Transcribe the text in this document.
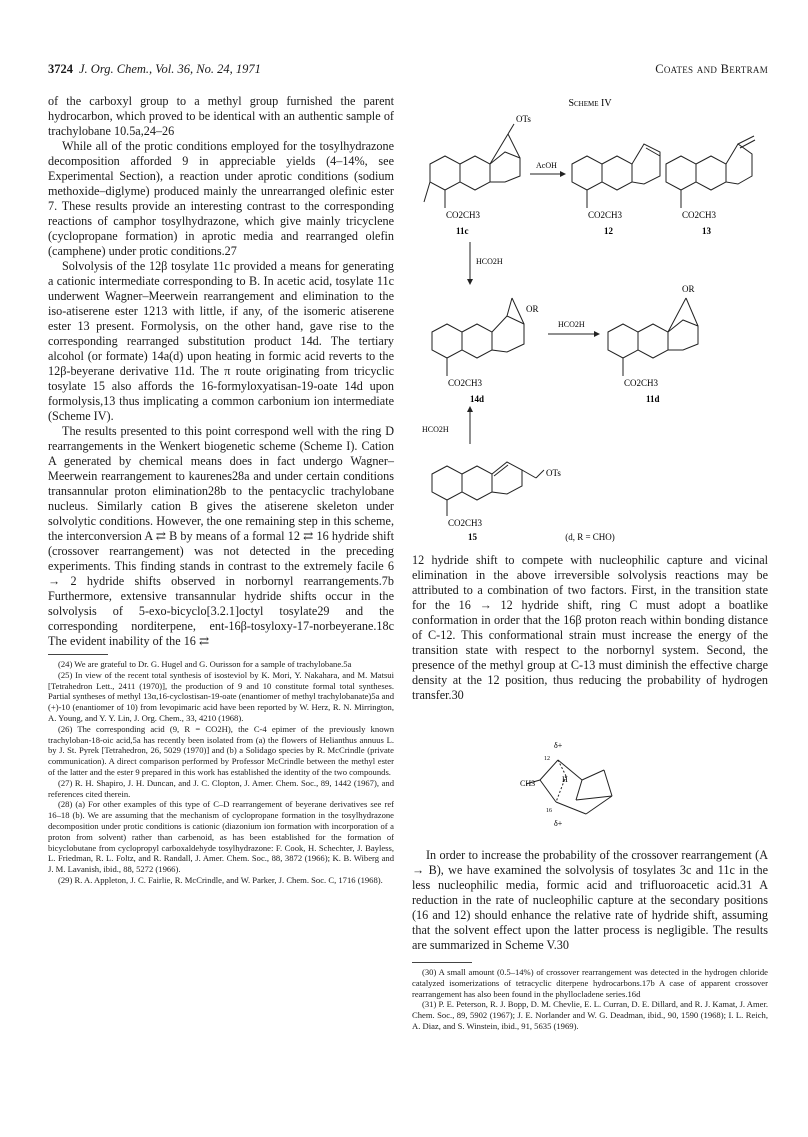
3724 J. Org. Chem., Vol. 36, No. 24, 1971	Coates and Bertram

of the carboxyl group to a methyl group furnished the parent hydrocarbon, which proved to be identical with an authentic sample of trachylobane 10.5a,24–26

While all of the protic conditions employed for the tosylhydrazone decomposition afforded 9 in appreciable yields (4–14%, see Experimental Section), a reaction under aprotic conditions (sodium methoxide–diglyme) produced mainly the unrearranged olefinic ester 7. These results provide an interesting contrast to the corresponding reactions of camphor tosylhydrazone, which give mainly tricyclene (cyclopropane formation) in aprotic media and rearranged olefin (camphene) under protic conditions.27

Solvolysis of the 12β tosylate 11c provided a means for generating a cationic intermediate corresponding to B. In acetic acid, tosylate 11c underwent Wagner–Meerwein rearrangement and elimination to the iso-atiserene ester 1213 with little, if any, of the isomeric atiserene ester 13 present. Formolysis, on the other hand, gave rise to the corresponding rearranged substitution product 14d. The tertiary alcohol (or formate) 14a(d) upon heating in formic acid reverts to the 12β-beyerane derivative 11d. The π route originating from tricyclic tosylate 15 also affords the 16-formyloxyatisan-19-oate 14d upon formolysis,13 thus implicating a common carbonium ion intermediate (Scheme IV).

The results presented to this point correspond well with the ring D rearrangements in the Wenkert biogenetic scheme (Scheme I). Cation A generated by chemical means does in fact undergo Wagner–Meerwein rearrangement to kaurenes28a and under certain conditions transannular proton elimination28b to the pentacyclic trachylobane nucleus. Similarly cation B gives the atiserene skeleton under solvolytic conditions. However, the one remaining step in this scheme, the interconversion A ⇄ B by means of a formal 12 ⇄ 16 hydride shift (crossover rearrangement) was not detected in the preceding experiments. This finding stands in contrast to the extremely facile 6 → 2 hydride shifts observed in norbornyl rearrangements.7b Furthermore, extensive transannular hydride shifts occur in the solvolysis of 5-exo-bicyclo[3.2.1]octyl tosylate29 and the corresponding norditerpene, ent-16β-tosyloxy-17-norbeyerane.18c The evident inability of the 16 ⇄

(24) We are grateful to Dr. G. Hugel and G. Ourisson for a sample of trachylobane.5a

(25) In view of the recent total synthesis of isosteviol by K. Mori, Y. Nakahara, and M. Matsui [Tetrahedron Lett., 2411 (1970)], the production of 9 and 10 constitute formal total syntheses. Partial syntheses of methyl 13α,16-cyclostisan-19-oate (enantiomer of methyl trachylobanate)5a and (+)-10 (enantiomer of 10) from levopimaric acid have been reported by W. Herz, R. N. Mirrington, A. Young, and Y. Y. Lin, J. Org. Chem., 33, 4210 (1968).

(26) The corresponding acid (9, R = CO2H), the C-4 epimer of the previously known trachyloban-18-oic acid,5a has recently been isolated from (a) the flowers of Helianthus annuus L. by J. St. Pyrek [Tetrahedron, 26, 5029 (1970)] and (b) a Solidago species by R. McCrindle (private communication). A direct comparison performed by Professor McCrindle between the methyl ester of the latter and the ester 9 prepared in this work has established the identity of the two compounds.

(27) R. H. Shapiro, J. H. Duncan, and J. C. Clopton, J. Amer. Chem. Soc., 89, 1442 (1967), and references cited therein.

(28) (a) For other examples of this type of C–D rearrangement of beyerane derivatives see ref 16–18 (b). We are assuming that the mechanism of cyclopropane formation in the tosylhydrazone decomposition under protic conditions is cationic (diazonium ion formation with incorporation of a proton from solvent) rather than carbenoid, as has been established for the formation of bicyclobutane from cyclopropyl carboxaldehyde tosylhydrazone: F. Cook, H. Schechter, J. Bayless, L. Friedman, R. L. Foltz, and R. Randall, J. Amer. Chem. Soc., 88, 3872 (1966); K. B. Wiberg and J. M. Lavanish, ibid., 88, 5272 (1966).

(29) R. A. Appleton, J. C. Fairlie, R. McCrindle, and W. Parker, J. Chem. Soc. C, 1716 (1968).

Scheme IV
OTs
CO2CH3
11c
AcOH
CO2CH3
12
CO2CH3
13
HCO2H
OR
CO2CH3
14d
HCO2H
OR
CO2CH3
11d
HCO2H
OTs
CO2CH3
15	(d, R = CHO)

12 hydride shift to compete with nucleophilic capture and vicinal elimination in the above irreversible solvolysis reactions may be attributed to a combination of two factors. First, in the transition state for the 16 → 12 hydride shift, ring C must adopt a boatlike conformation in order that the 16β proton reach within bonding distance of C-12. This conformational strain must increase the energy of the transition state with respect to the norbornyl system. Second, the presence of the methyl group at C-13 must diminish the effective charge density at the 12 position, thus reducing the probability of hydrogen transfer.30

δ+
12
H
CH3
16
δ+

In order to increase the probability of the crossover rearrangement (A → B), we have examined the solvolysis of tosylates 3c and 11c in the less nucleophilic media, formic acid and trifluoroacetic acid.31 A reduction in the rate of nucleophilic capture at the secondary positions (16 and 12) should enhance the relative rate of hydride shift, assuming that the solvent effect upon the latter process is negligible. The results are summarized in Scheme V.30

(30) A small amount (0.5–14%) of crossover rearrangement was detected in the hydrogen chloride catalyzed isomerizations of tetracyclic diterpene hydrocarbons.17b A case of apparent crossover rearrangement has also been found in the phyllocladene series.16d

(31) P. E. Peterson, R. J. Bopp, D. M. Chevlie, E. L. Curran, D. E. Dillard, and R. J. Kamat, J. Amer. Chem. Soc., 89, 5902 (1967); J. E. Norlander and W. G. Deadman, ibid., 90, 1590 (1968); I. L. Reich, A. Diaz, and S. Winstein, ibid., 91, 5635 (1969).
